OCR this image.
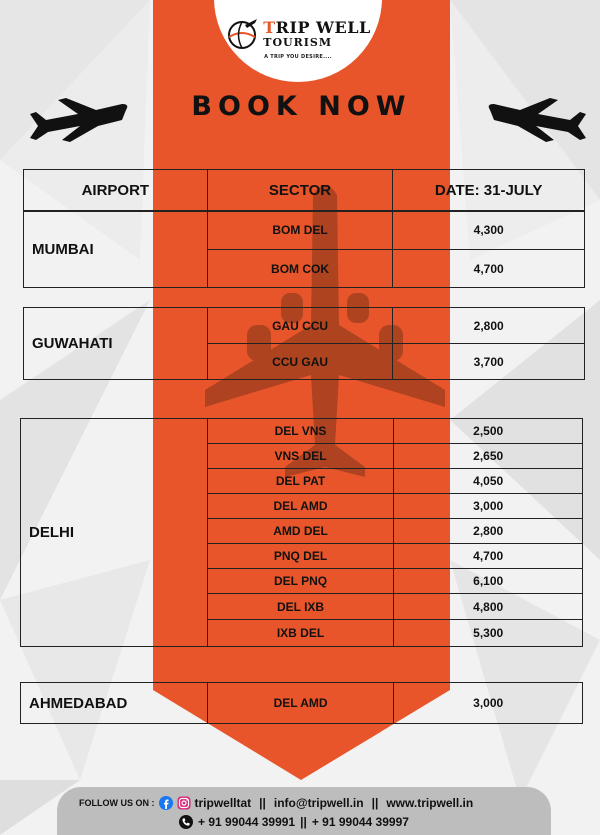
TRIP WELL
TOURISM
A TRIP YOU DESIRE....
BOOK NOW
AIRPORT	SECTOR	DATE: 31-JULY
MUMBAI	BOM DEL	4,300
	BOM COK	4,700
GUWAHATI	GAU CCU	2,800
	CCU GAU	3,700
DELHI	DEL VNS	2,500
	VNS DEL	2,650
	DEL PAT	4,050
	DEL AMD	3,000
	AMD DEL	2,800
	PNQ DEL	4,700
	DEL PNQ	6,100
	DEL IXB	4,800
	IXB DEL	5,300
AHMEDABAD	DEL AMD	3,000
FOLLOW US ON :	tripwelltat || info@tripwell.in || www.tripwell.in
+ 91 99044 39991 || + 91 99044 39997
